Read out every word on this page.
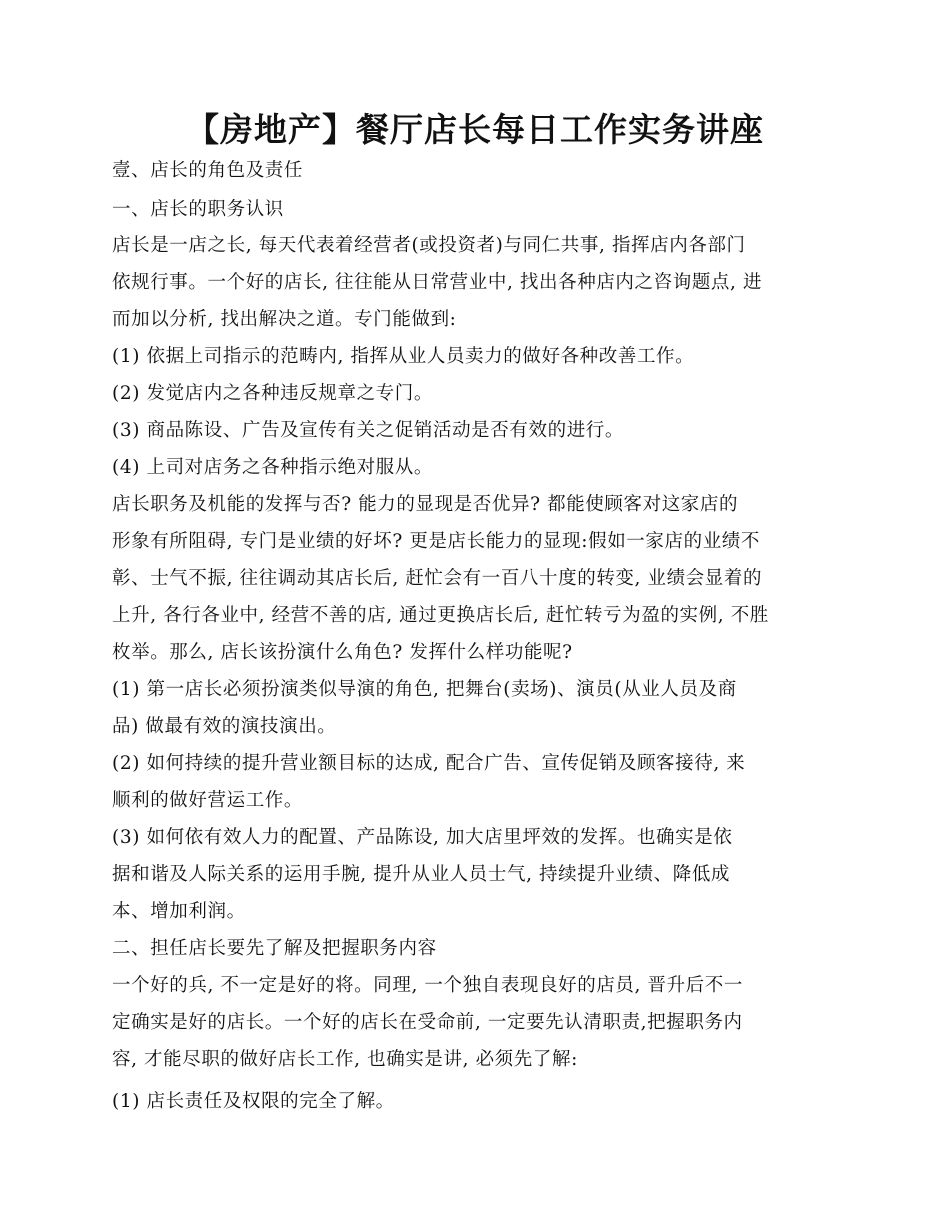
【房地产】餐厅店长每日工作实务讲座
壹、店长的角色及责任
一、店长的职务认识
店长是一店之长, 每天代表着经营者(或投资者)与同仁共事, 指挥店内各部门
依规行事。一个好的店长, 往往能从日常营业中, 找出各种店内之咨询题点, 进
而加以分析, 找出解决之道。专门能做到:
(1) 依据上司指示的范畴内, 指挥从业人员卖力的做好各种改善工作。
(2) 发觉店内之各种违反规章之专门。
(3) 商品陈设、广告及宣传有关之促销活动是否有效的进行。
(4) 上司对店务之各种指示绝对服从。
店长职务及机能的发挥与否? 能力的显现是否优异? 都能使顾客对这家店的
形象有所阻碍, 专门是业绩的好坏? 更是店长能力的显现:假如一家店的业绩不
彰、士气不振, 往往调动其店长后, 赶忙会有一百八十度的转变, 业绩会显着的
上升, 各行各业中, 经营不善的店, 通过更换店长后, 赶忙转亏为盈的实例, 不胜
枚举。那么, 店长该扮演什么角色? 发挥什么样功能呢?
(1) 第一店长必须扮演类似导演的角色, 把舞台(卖场)、演员(从业人员及商
品) 做最有效的演技演出。
(2) 如何持续的提升营业额目标的达成, 配合广告、宣传促销及顾客接待, 来
顺利的做好营运工作。
(3) 如何依有效人力的配置、产品陈设, 加大店里坪效的发挥。也确实是依
据和谐及人际关系的运用手腕, 提升从业人员士气, 持续提升业绩、降低成
本、增加利润。
二、担任店长要先了解及把握职务内容
一个好的兵, 不一定是好的将。同理, 一个独自表现良好的店员, 晋升后不一
定确实是好的店长。一个好的店长在受命前, 一定要先认清职责,把握职务内
容, 才能尽职的做好店长工作, 也确实是讲, 必须先了解:
(1) 店长责任及权限的完全了解。
